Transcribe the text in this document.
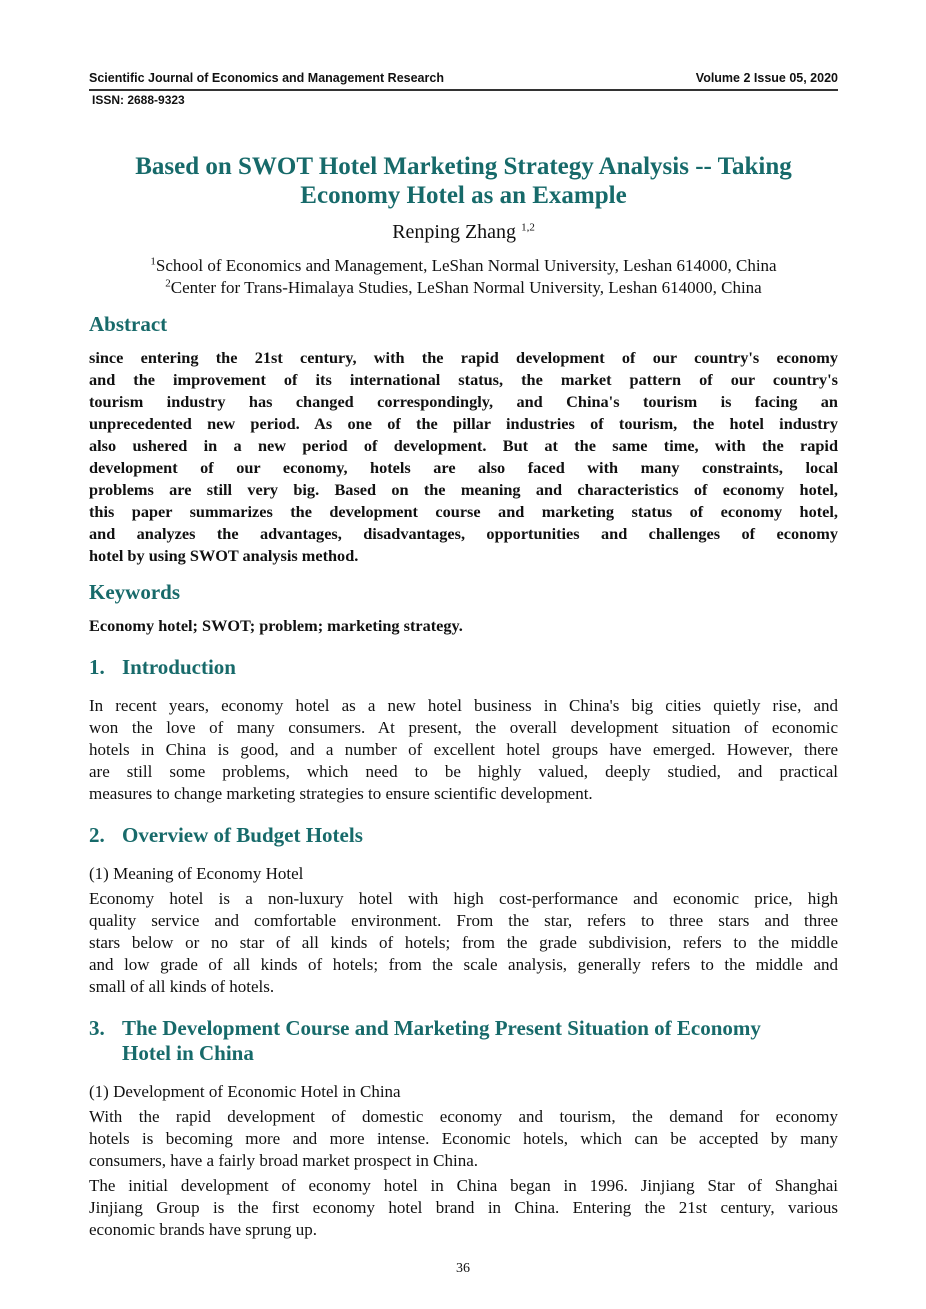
Scientific Journal of Economics and Management Research	Volume 2 Issue 05, 2020
ISSN: 2688-9323
Based on SWOT Hotel Marketing Strategy Analysis -- Taking
Economy Hotel as an Example
Renping Zhang $^{1,2}$
$^1$School of Economics and Management, LeShan Normal University, Leshan 614000, China
$^2$Center for Trans-Himalaya Studies, LeShan Normal University, Leshan 614000, China
Abstract
since entering the 21st century, with the rapid development of our country's economy
and the improvement of its international status, the market pattern of our country's
tourism industry has changed correspondingly, and China's tourism is facing an
unprecedented new period. As one of the pillar industries of tourism, the hotel industry
also ushered in a new period of development. But at the same time, with the rapid
development of our economy, hotels are also faced with many constraints, local
problems are still very big. Based on the meaning and characteristics of economy hotel,
this paper summarizes the development course and marketing status of economy hotel,
and analyzes the advantages, disadvantages, opportunities and challenges of economy
hotel by using SWOT analysis method.
Keywords
Economy hotel; SWOT; problem; marketing strategy.
1. Introduction
In recent years, economy hotel as a new hotel business in China's big cities quietly rise, and
won the love of many consumers. At present, the overall development situation of economic
hotels in China is good, and a number of excellent hotel groups have emerged. However, there
are still some problems, which need to be highly valued, deeply studied, and practical
measures to change marketing strategies to ensure scientific development.
2. Overview of Budget Hotels
(1) Meaning of Economy Hotel
Economy hotel is a non-luxury hotel with high cost-performance and economic price, high
quality service and comfortable environment. From the star, refers to three stars and three
stars below or no star of all kinds of hotels; from the grade subdivision, refers to the middle
and low grade of all kinds of hotels; from the scale analysis, generally refers to the middle and
small of all kinds of hotels.
3. The Development Course and Marketing Present Situation of Economy
Hotel in China
(1) Development of Economic Hotel in China
With the rapid development of domestic economy and tourism, the demand for economy
hotels is becoming more and more intense. Economic hotels, which can be accepted by many
consumers, have a fairly broad market prospect in China.
The initial development of economy hotel in China began in 1996. Jinjiang Star of Shanghai
Jinjiang Group is the first economy hotel brand in China. Entering the 21st century, various
economic brands have sprung up.
36
